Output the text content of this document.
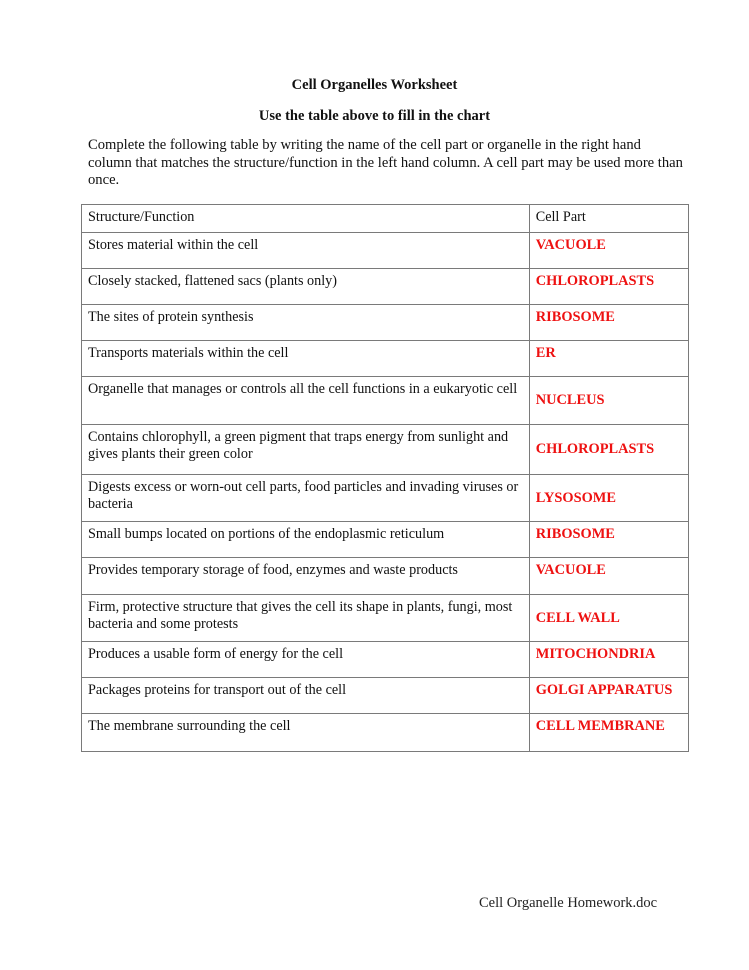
Cell Organelles Worksheet
Use the table above to fill in the chart
Complete the following table by writing the name of the cell part or organelle in the right hand column that matches the structure/function in the left hand column. A cell part may be used more than once.
Structure/Function	Cell Part
Stores material within the cell	VACUOLE
Closely stacked, flattened sacs (plants only)	CHLOROPLASTS
The sites of protein synthesis	RIBOSOME
Transports materials within the cell	ER
Organelle that manages or controls all the cell functions in a eukaryotic cell	NUCLEUS
Contains chlorophyll, a green pigment that traps energy from sunlight and gives plants their green color	CHLOROPLASTS
Digests excess or worn-out cell parts, food particles and invading viruses or bacteria	LYSOSOME
Small bumps located on portions of the endoplasmic reticulum	RIBOSOME
Provides temporary storage of food, enzymes and waste products	VACUOLE
Firm, protective structure that gives the cell its shape in plants, fungi, most bacteria and some protests	CELL WALL
Produces a usable form of energy for the cell	MITOCHONDRIA
Packages proteins for transport out of the cell	GOLGI APPARATUS
The membrane surrounding the cell	CELL MEMBRANE
Cell Organelle Homework.doc
